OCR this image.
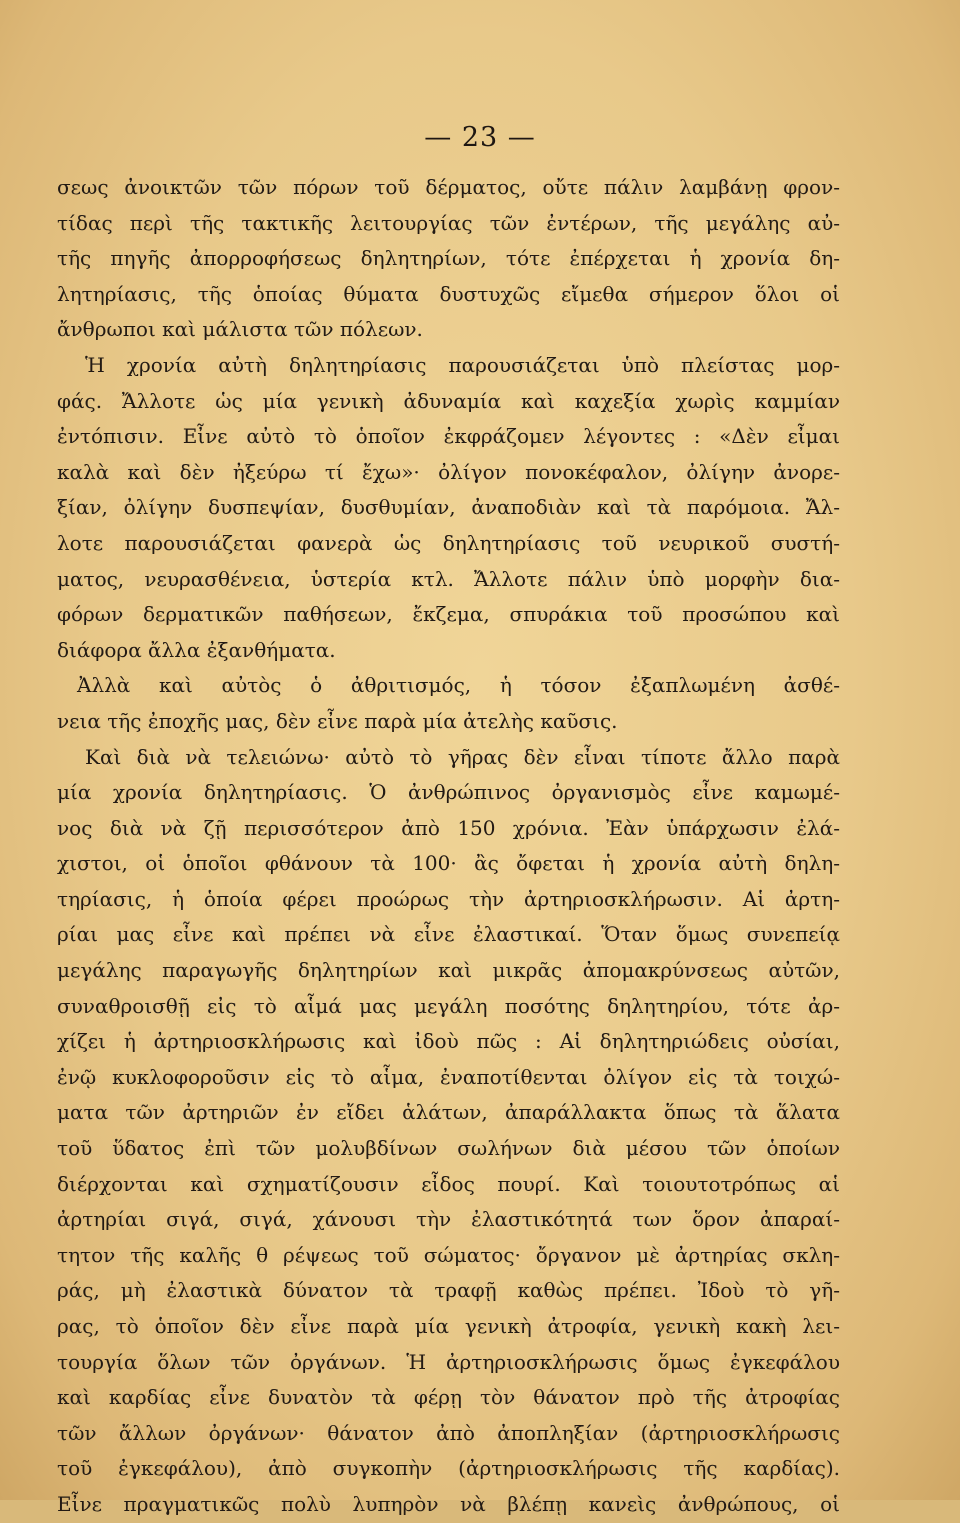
— 23 —
σεως ἀνοικτῶν τῶν πόρων τοῦ δέρματος, οὔτε πάλιν λαμβάνῃ φρον-
τίδας περὶ τῆς τακτικῆς λειτουργίας τῶν ἐντέρων, τῆς μεγάλης αὐ-
τῆς πηγῆς ἀπορροφήσεως δηλητηρίων, τότε ἐπέρχεται ἡ χρονία δη-
λητηρίασις, τῆς ὁποίας θύματα δυστυχῶς εἴμεθα σήμερον ὅλοι οἱ
ἄνθρωποι καὶ μάλιστα τῶν πόλεων.
Ἡ χρονία αὐτὴ δηλητηρίασις παρουσιάζεται ὑπὸ πλείστας μορ-
φάς. Ἄλλοτε ὡς μία γενικὴ ἀδυναμία καὶ καχεξία χωρὶς καμμίαν
ἐντόπισιν. Εἶνε αὐτὸ τὸ ὁποῖον ἐκφράζομεν λέγοντες : «Δὲν εἶμαι
καλὰ καὶ δὲν ἠξεύρω τί ἔχω»· ὀλίγον πονοκέφαλον, ὀλίγην ἀνορε-
ξίαν, ὀλίγην δυσπεψίαν, δυσθυμίαν, ἀναποδιὰν καὶ τὰ παρόμοια. Ἄλ-
λοτε παρουσιάζεται φανερὰ ὡς δηλητηρίασις τοῦ νευρικοῦ συστή-
ματος, νευρασθένεια, ὑστερία κτλ. Ἄλλοτε πάλιν ὑπὸ μορφὴν δια-
φόρων δερματικῶν παθήσεων, ἔκζεμα, σπυράκια τοῦ προσώπου καὶ
διάφορα ἄλλα ἐξανθήματα.
Ἀλλὰ καὶ αὐτὸς ὁ ἀθριτισμός, ἡ τόσον ἐξαπλωμένη ἀσθέ-
νεια τῆς ἐποχῆς μας, δὲν εἶνε παρὰ μία ἀτελὴς καῦσις.
Καὶ διὰ νὰ τελειώνω· αὐτὸ τὸ γῆρας δὲν εἶναι τίποτε ἄλλο παρὰ
μία χρονία δηλητηρίασις. Ὁ ἀνθρώπινος ὀργανισμὸς εἶνε καμωμέ-
νος διὰ νὰ ζῇ περισσότερον ἀπὸ 150 χρόνια. Ἐὰν ὑπάρχωσιν ἐλά-
χιστοι, οἱ ὁποῖοι φθάνουν τὰ 100· ἂς ὄφεται ἡ χρονία αὐτὴ δηλη-
τηρίασις, ἡ ὁποία φέρει προώρως τὴν ἀρτηριοσκλήρωσιν. Αἱ ἀρτη-
ρίαι μας εἶνε καὶ πρέπει νὰ εἶνε ἐλαστικαί. Ὅταν ὅμως συνεπείᾳ
μεγάλης παραγωγῆς δηλητηρίων καὶ μικρᾶς ἀπομακρύνσεως αὐτῶν,
συναθροισθῇ εἰς τὸ αἷμά μας μεγάλη ποσότης δηλητηρίου, τότε ἀρ-
χίζει ἡ ἀρτηριοσκλήρωσις καὶ ἰδοὺ πῶς : Αἱ δηλητηριώδεις οὐσίαι,
ἐνῷ κυκλοφοροῦσιν εἰς τὸ αἷμα, ἐναποτίθενται ὀλίγον εἰς τὰ τοιχώ-
ματα τῶν ἀρτηριῶν ἐν εἴδει ἁλάτων, ἀπαράλλακτα ὅπως τὰ ἅλατα
τοῦ ὕδατος ἐπὶ τῶν μολυβδίνων σωλήνων διὰ μέσου τῶν ὁποίων
διέρχονται καὶ σχηματίζουσιν εἶδος πουρί. Καὶ τοιουτοτρόπως αἱ
ἀρτηρίαι σιγά, σιγά, χάνουσι τὴν ἐλαστικότητά των ὅρον ἀπαραί-
τητον τῆς καλῆς θ ρέψεως τοῦ σώματος· ὄργανον μὲ ἀρτηρίας σκλη-
ράς, μὴ ἐλαστικὰ δύνατον τὰ τραφῇ καθὼς πρέπει. Ἰδοὺ τὸ γῆ-
ρας, τὸ ὁποῖον δὲν εἶνε παρὰ μία γενικὴ ἀτροφία, γενικὴ κακὴ λει-
τουργία ὅλων τῶν ὀργάνων. Ἡ ἀρτηριοσκλήρωσις ὅμως ἐγκεφάλου
καὶ καρδίας εἶνε δυνατὸν τὰ φέρῃ τὸν θάνατον πρὸ τῆς ἀτροφίας
τῶν ἄλλων ὀργάνων· θάνατον ἀπὸ ἀποπληξίαν (ἀρτηριοσκλήρωσις
τοῦ ἐγκεφάλου), ἀπὸ συγκοπὴν (ἀρτηριοσκλήρωσις τῆς καρδίας).
Εἶνε πραγματικῶς πολὺ λυπηρὸν νὰ βλέπῃ κανεὶς ἀνθρώπους, οἱ
